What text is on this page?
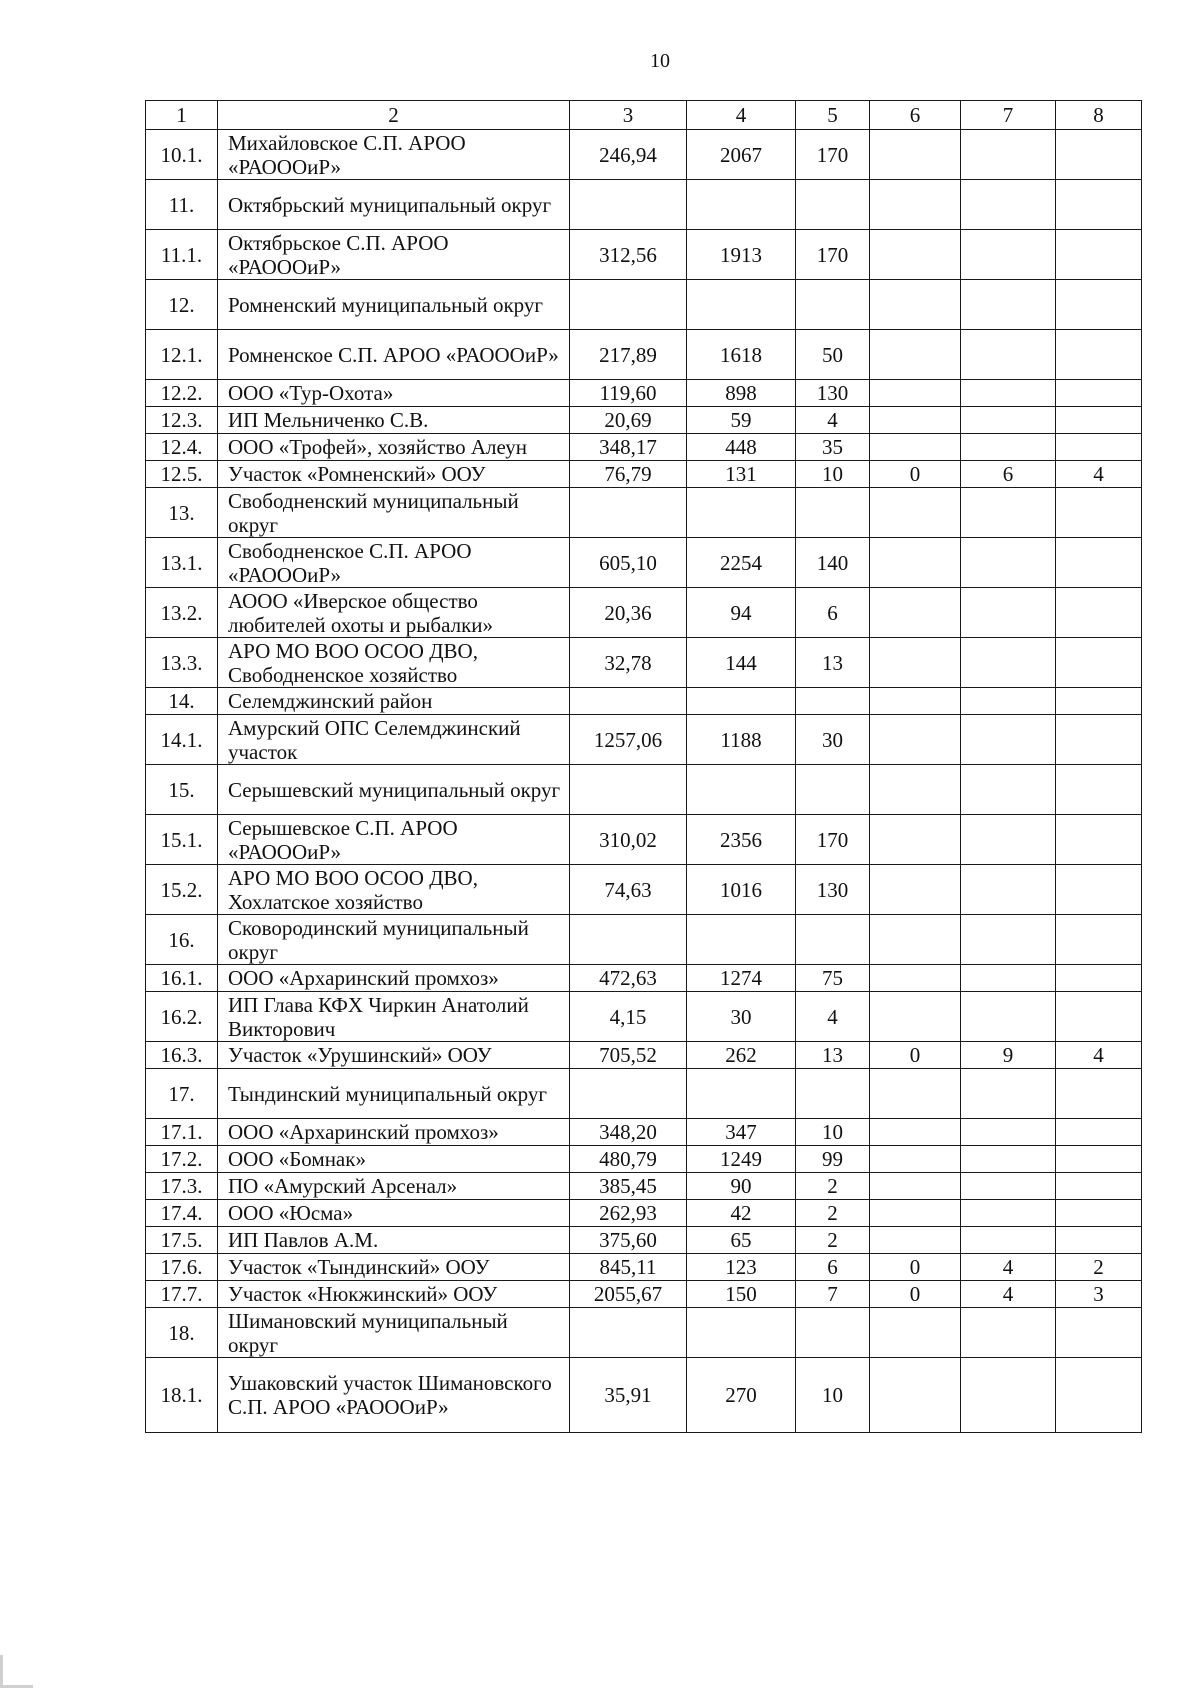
10
1	2	3	4	5	6	7	8
10.1.	Михайловское С.П. АРОО «РАОООиР»	246,94	2067	170			
11.	Октябрьский муниципальный округ						
11.1.	Октябрьское С.П. АРОО «РАОООиР»	312,56	1913	170			
12.	Ромненский муниципальный округ						
12.1.	Ромненское С.П. АРОО «РАОООиР»	217,89	1618	50			
12.2.	ООО «Тур-Охота»	119,60	898	130			
12.3.	ИП Мельниченко С.В.	20,69	59	4			
12.4.	ООО «Трофей», хозяйство Алеун	348,17	448	35			
12.5.	Участок «Ромненский» ООУ	76,79	131	10	0	6	4
13.	Свободненский муниципальный округ						
13.1.	Свободненское С.П. АРОО «РАОООиР»	605,10	2254	140			
13.2.	АООО «Иверское общество любителей охоты и рыбалки»	20,36	94	6			
13.3.	АРО МО ВОО ОСОО ДВО, Свободненское хозяйство	32,78	144	13			
14.	Селемджинский район						
14.1.	Амурский ОПС Селемджинский участок	1257,06	1188	30			
15.	Серышевский муниципальный округ						
15.1.	Серышевское С.П. АРОО «РАОООиР»	310,02	2356	170			
15.2.	АРО МО ВОО ОСОО ДВО, Хохлатское хозяйство	74,63	1016	130			
16.	Сковородинский муниципальный округ						
16.1.	ООО «Архаринский промхоз»	472,63	1274	75			
16.2.	ИП Глава КФХ Чиркин Анатолий Викторович	4,15	30	4			
16.3.	Участок «Урушинский» ООУ	705,52	262	13	0	9	4
17.	Тындинский муниципальный округ						
17.1.	ООО «Архаринский промхоз»	348,20	347	10			
17.2.	ООО «Бомнак»	480,79	1249	99			
17.3.	ПО «Амурский Арсенал»	385,45	90	2			
17.4.	ООО «Юсма»	262,93	42	2			
17.5.	ИП Павлов А.М.	375,60	65	2			
17.6.	Участок «Тындинский» ООУ	845,11	123	6	0	4	2
17.7.	Участок «Нюкжинский» ООУ	2055,67	150	7	0	4	3
18.	Шимановский муниципальный округ						
18.1.	Ушаковский участок Шимановского С.П. АРОО «РАОООиР»	35,91	270	10			
